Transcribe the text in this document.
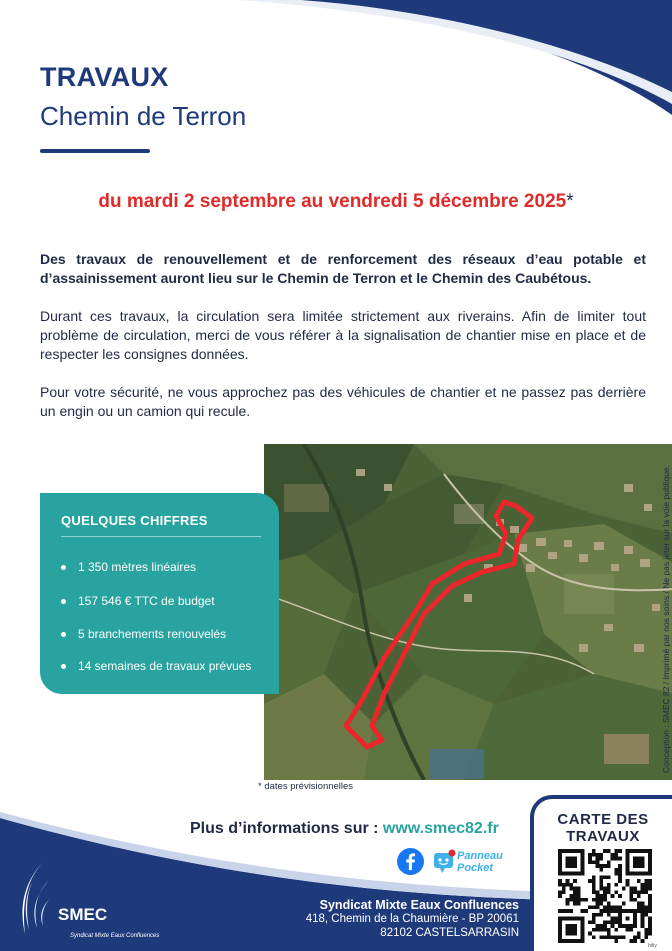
TRAVAUX
Chemin de Terron
du mardi 2 septembre au vendredi 5 décembre 2025*

Des travaux de renouvellement et de renforcement des réseaux d’eau potable et d’assainissement auront lieu sur le Chemin de Terron et le Chemin des Caubétous.

Durant ces travaux, la circulation sera limitée strictement aux riverains. Afin de limiter tout problème de circulation, merci de vous référer à la signalisation de chantier mise en place et de respecter les consignes données.

Pour votre sécurité, ne vous approchez pas des véhicules de chantier et ne passez pas derrière un engin ou un camion qui recule.

Conception : SMEC 82 / Imprimé par nos soins / Ne pas jeter sur la voie publique.
QUELQUES CHIFFRES
1 350 mètres linéaires
157 546 € TTC de budget
5 branchements renouvelés
14 semaines de travaux prévues
* dates prévisionnelles
Plus d’informations sur : www.smec82.fr
Panneau
Pocket
SMEC
Syndicat Mixte Eaux Confluences
Syndicat Mixte Eaux Confluences
418, Chemin de la Chaumière - BP 20061
82102 CASTELSARRASIN
CARTE DES
TRAVAUX
bitly
